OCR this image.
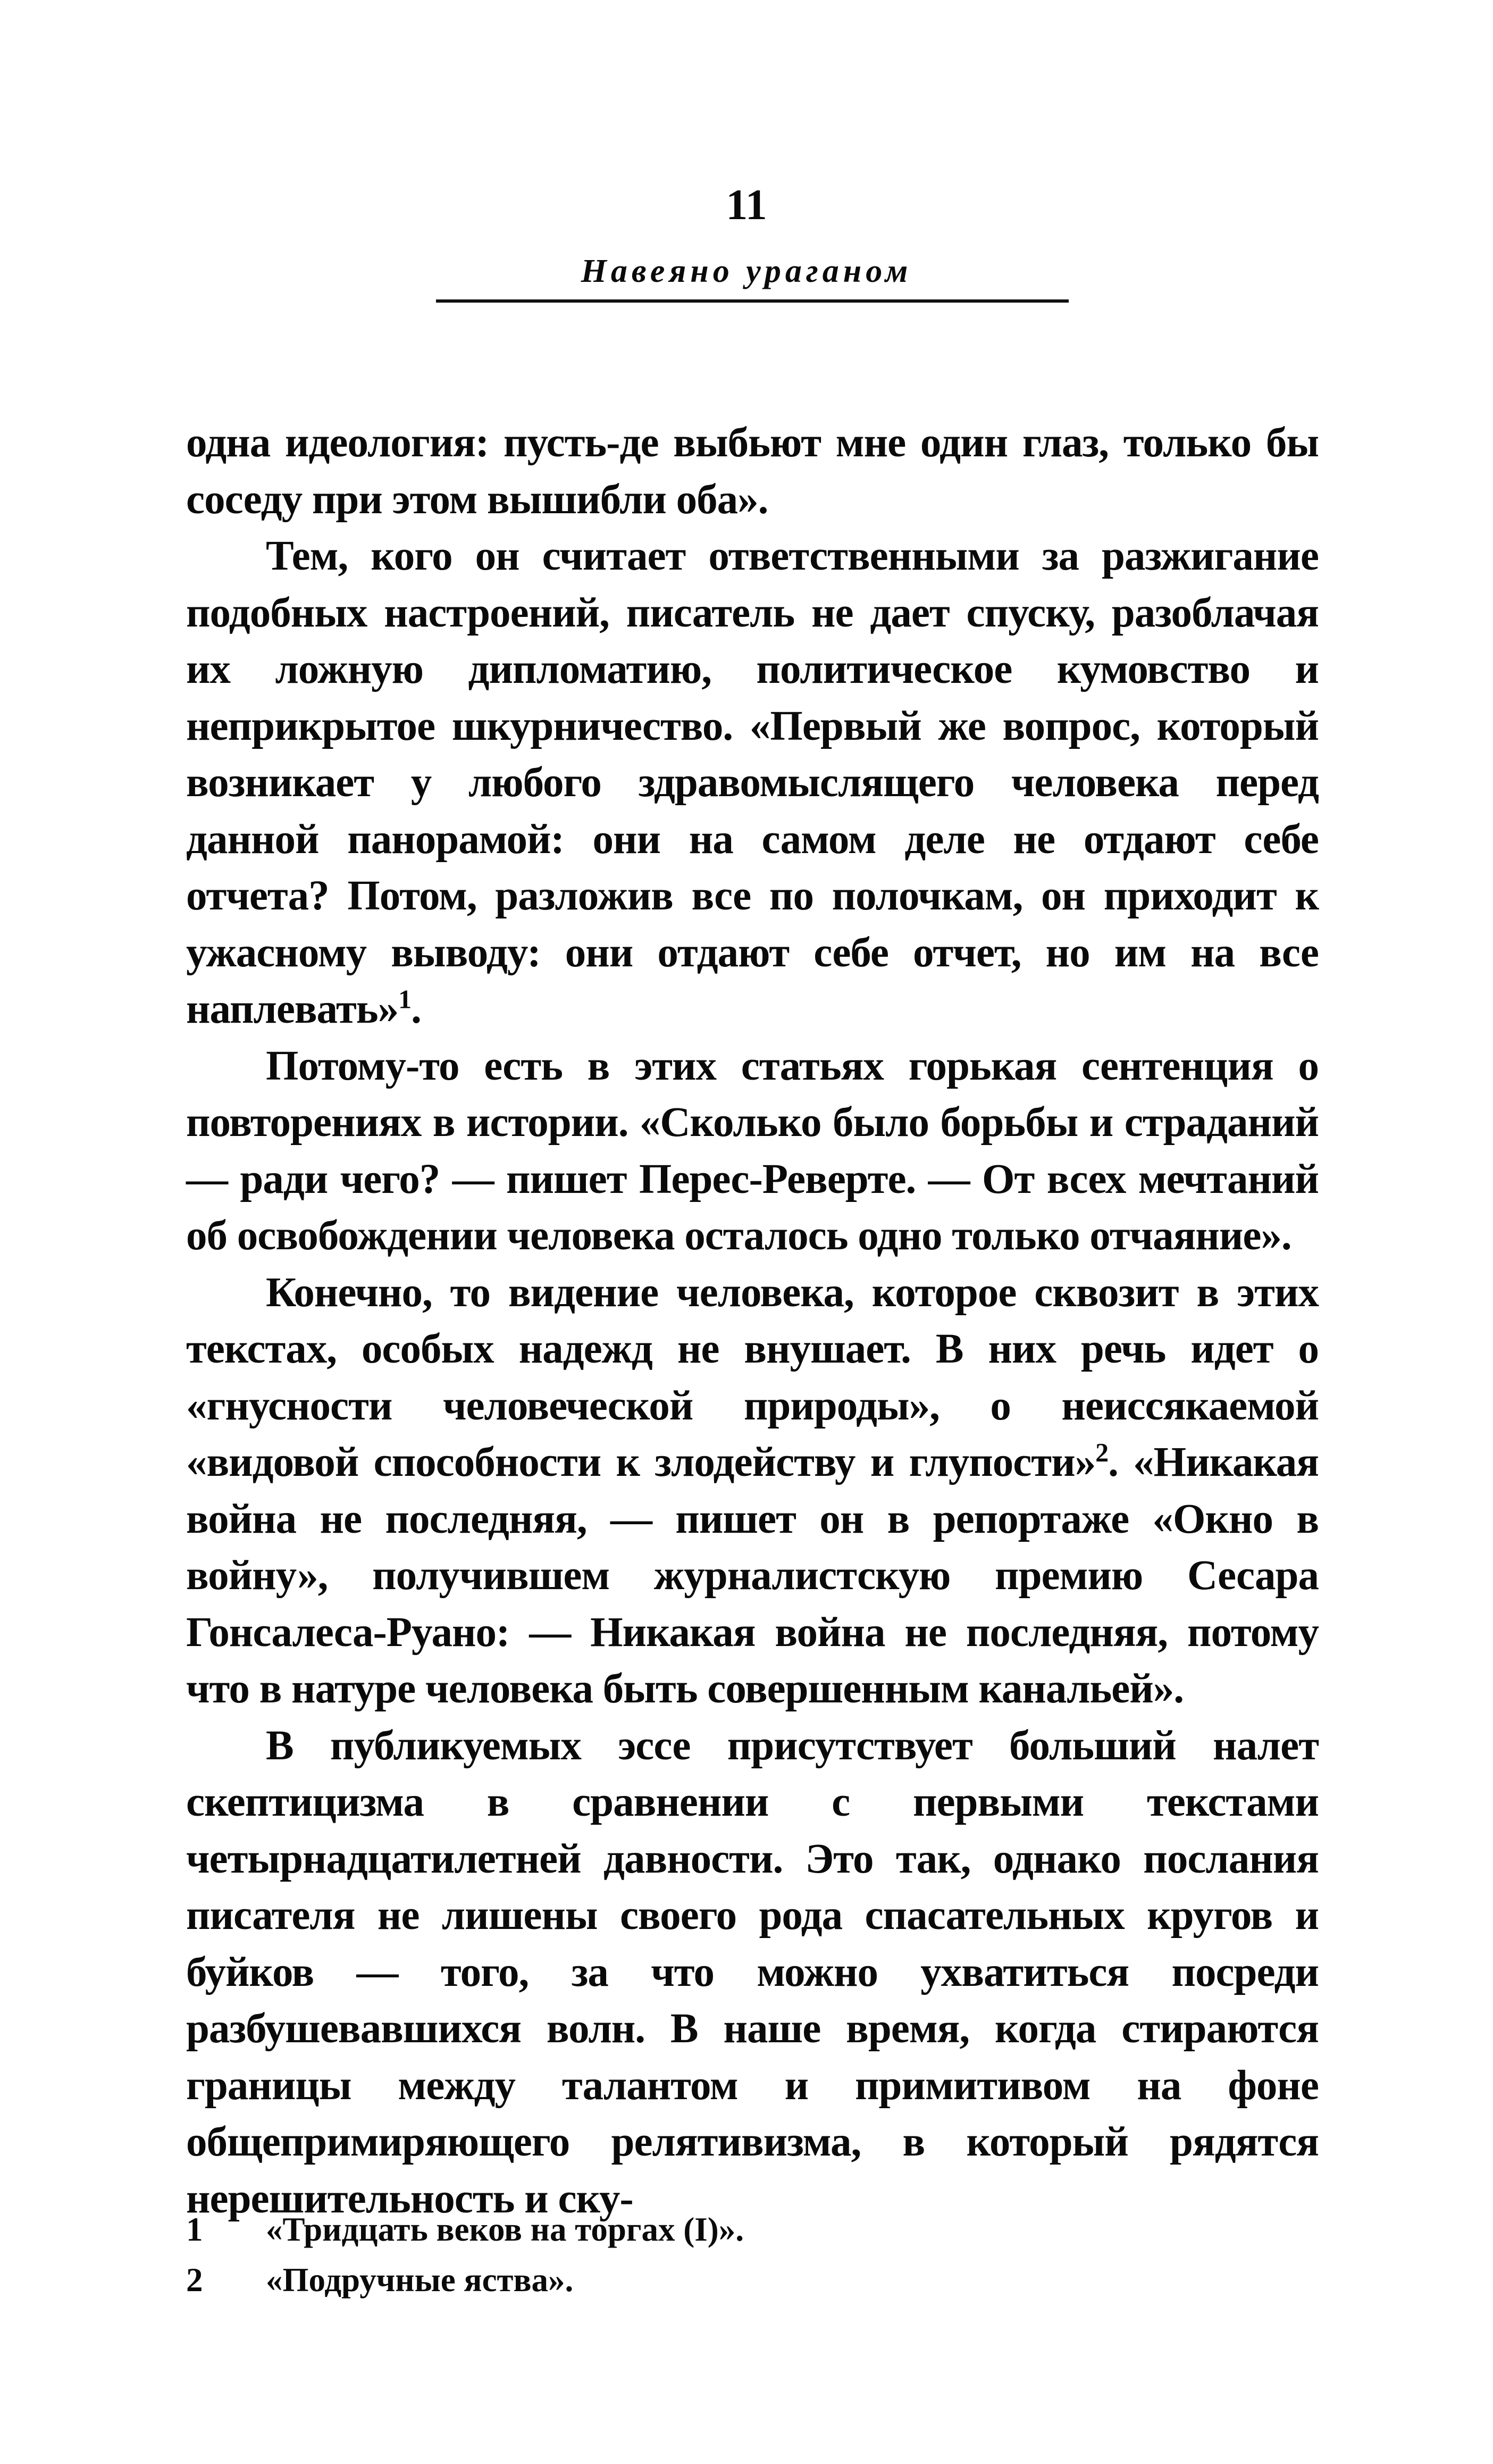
11
Навеяно ураганом

одна идеология: пусть-де выбьют мне один глаз, только бы соседу при этом вышибли оба».

Тем, кого он считает ответственными за разжигание подобных настроений, писатель не дает спуску, разоблачая их ложную дипломатию, политическое кумовство и неприкрытое шкурничество. «Первый же вопрос, который возникает у любого здравомыслящего человека перед данной панорамой: они на самом деле не отдают себе отчета? Потом, разложив все по полочкам, он приходит к ужасному выводу: они отдают себе отчет, но им на все наплевать»$^1$.

Потому-то есть в этих статьях горькая сентенция о повторениях в истории. «Сколько было борьбы и страданий — ради чего? — пишет Перес-Реверте. — От всех мечтаний об освобождении человека осталось одно только отчаяние».

Конечно, то видение человека, которое сквозит в этих текстах, особых надежд не внушает. В них речь идет о «гнусности человеческой природы», о неиссякаемой «видовой способности к злодейству и глупости»$^2$. «Никакая война не последняя, — пишет он в репортаже «Окно в войну», получившем журналистскую премию Сесара Гонсалеса-Руано: — Никакая война не последняя, потому что в натуре человека быть совершенным канальей».

В публикуемых эссе присутствует больший налет скептицизма в сравнении с первыми текстами четырнадцатилетней давности. Это так, однако послания писателя не лишены своего рода спасательных кругов и буйков — того, за что можно ухватиться посреди разбушевавшихся волн. В наше время, когда стираются границы между талантом и примитивом на фоне общепримиряющего релятивизма, в который рядятся нерешительность и ску-

1	«Тридцать веков на торгах (I)».
2	«Подручные яства».
